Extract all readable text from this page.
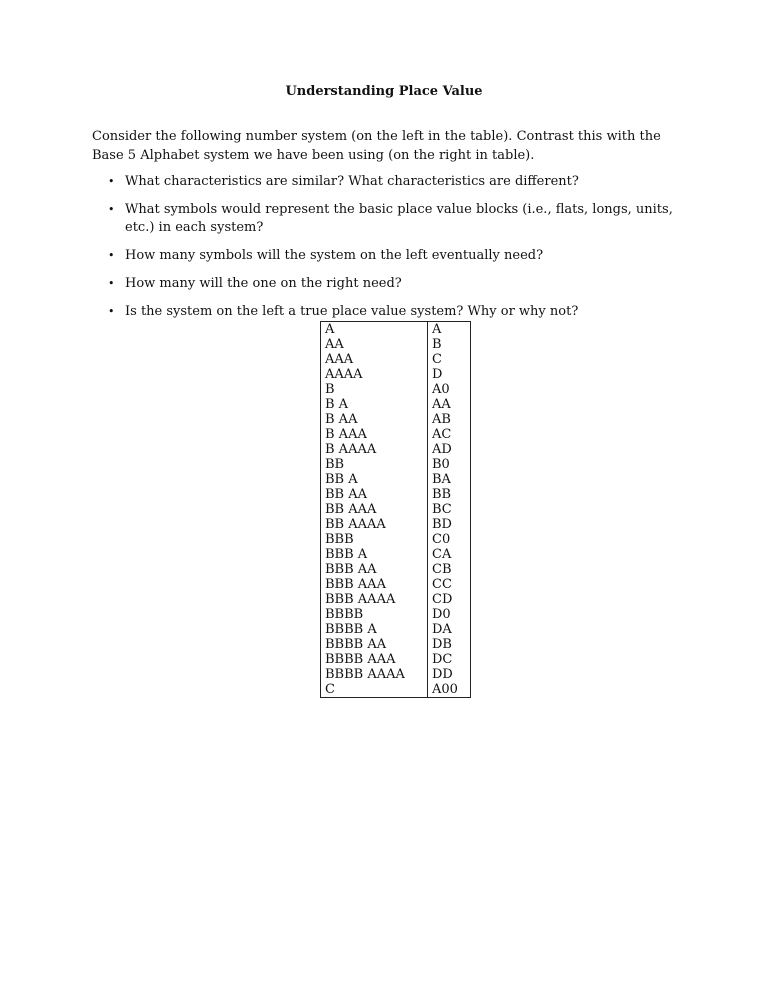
Understanding Place Value
Consider the following number system (on the left in the table). Contrast this with the Base 5 Alphabet system we have been using (on the right in table).
• What characteristics are similar? What characteristics are different?
• What symbols would represent the basic place value blocks (i.e., flats, longs, units, etc.) in each system?
• How many symbols will the system on the left eventually need?
• How many will the one on the right need?
• Is the system on the left a true place value system? Why or why not?
A	A
AA	B
AAA	C
AAAA	D
B	A0
B A	AA
B AA	AB
B AAA	AC
B AAAA	AD
BB	B0
BB A	BA
BB AA	BB
BB AAA	BC
BB AAAA	BD
BBB	C0
BBB A	CA
BBB AA	CB
BBB AAA	CC
BBB AAAA	CD
BBBB	D0
BBBB A	DA
BBBB AA	DB
BBBB AAA	DC
BBBB AAAA	DD
C	A00
